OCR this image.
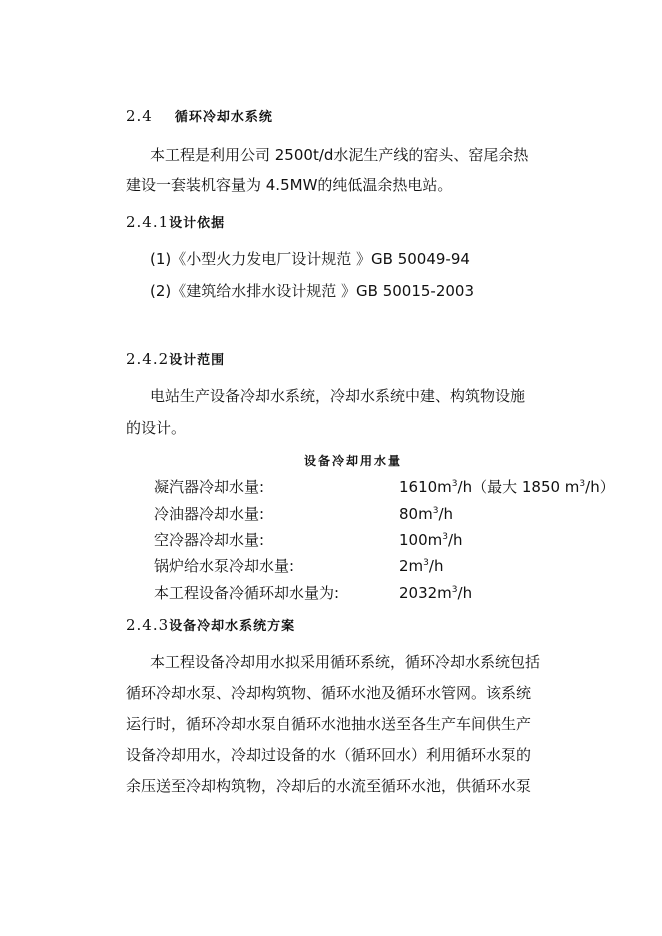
2.4 循环冷却水系统
本工程是利用公司 2500t/d水泥生产线的窑头、窑尾余热
建设一套装机容量为 4.5MW的纯低温余热电站。
2.4.1设计依据
(1)《小型火力发电厂设计规范 》GB 50049-94
(2)《建筑给水排水设计规范 》GB 50015-2003
2.4.2设计范围
电站生产设备冷却水系统，冷却水系统中建、构筑物设施
的设计。
设备冷却用水量
凝汽器冷却水量:	$1610m^3/h$（最大 1850 $m^3/h$）
冷油器冷却水量:	$80m^3/h$
空冷器冷却水量:	$100m^3/h$
锅炉给水泵冷却水量:	$2m^3/h$
本工程设备冷循环却水量为:	$2032m^3/h$
2.4.3设备冷却水系统方案
本工程设备冷却用水拟采用循环系统，循环冷却水系统包括
循环冷却水泵、冷却构筑物、循环水池及循环水管网。该系统
运行时，循环冷却水泵自循环水池抽水送至各生产车间供生产
设备冷却用水，冷却过设备的水（循环回水）利用循环水泵的
余压送至冷却构筑物，冷却后的水流至循环水池，供循环水泵
